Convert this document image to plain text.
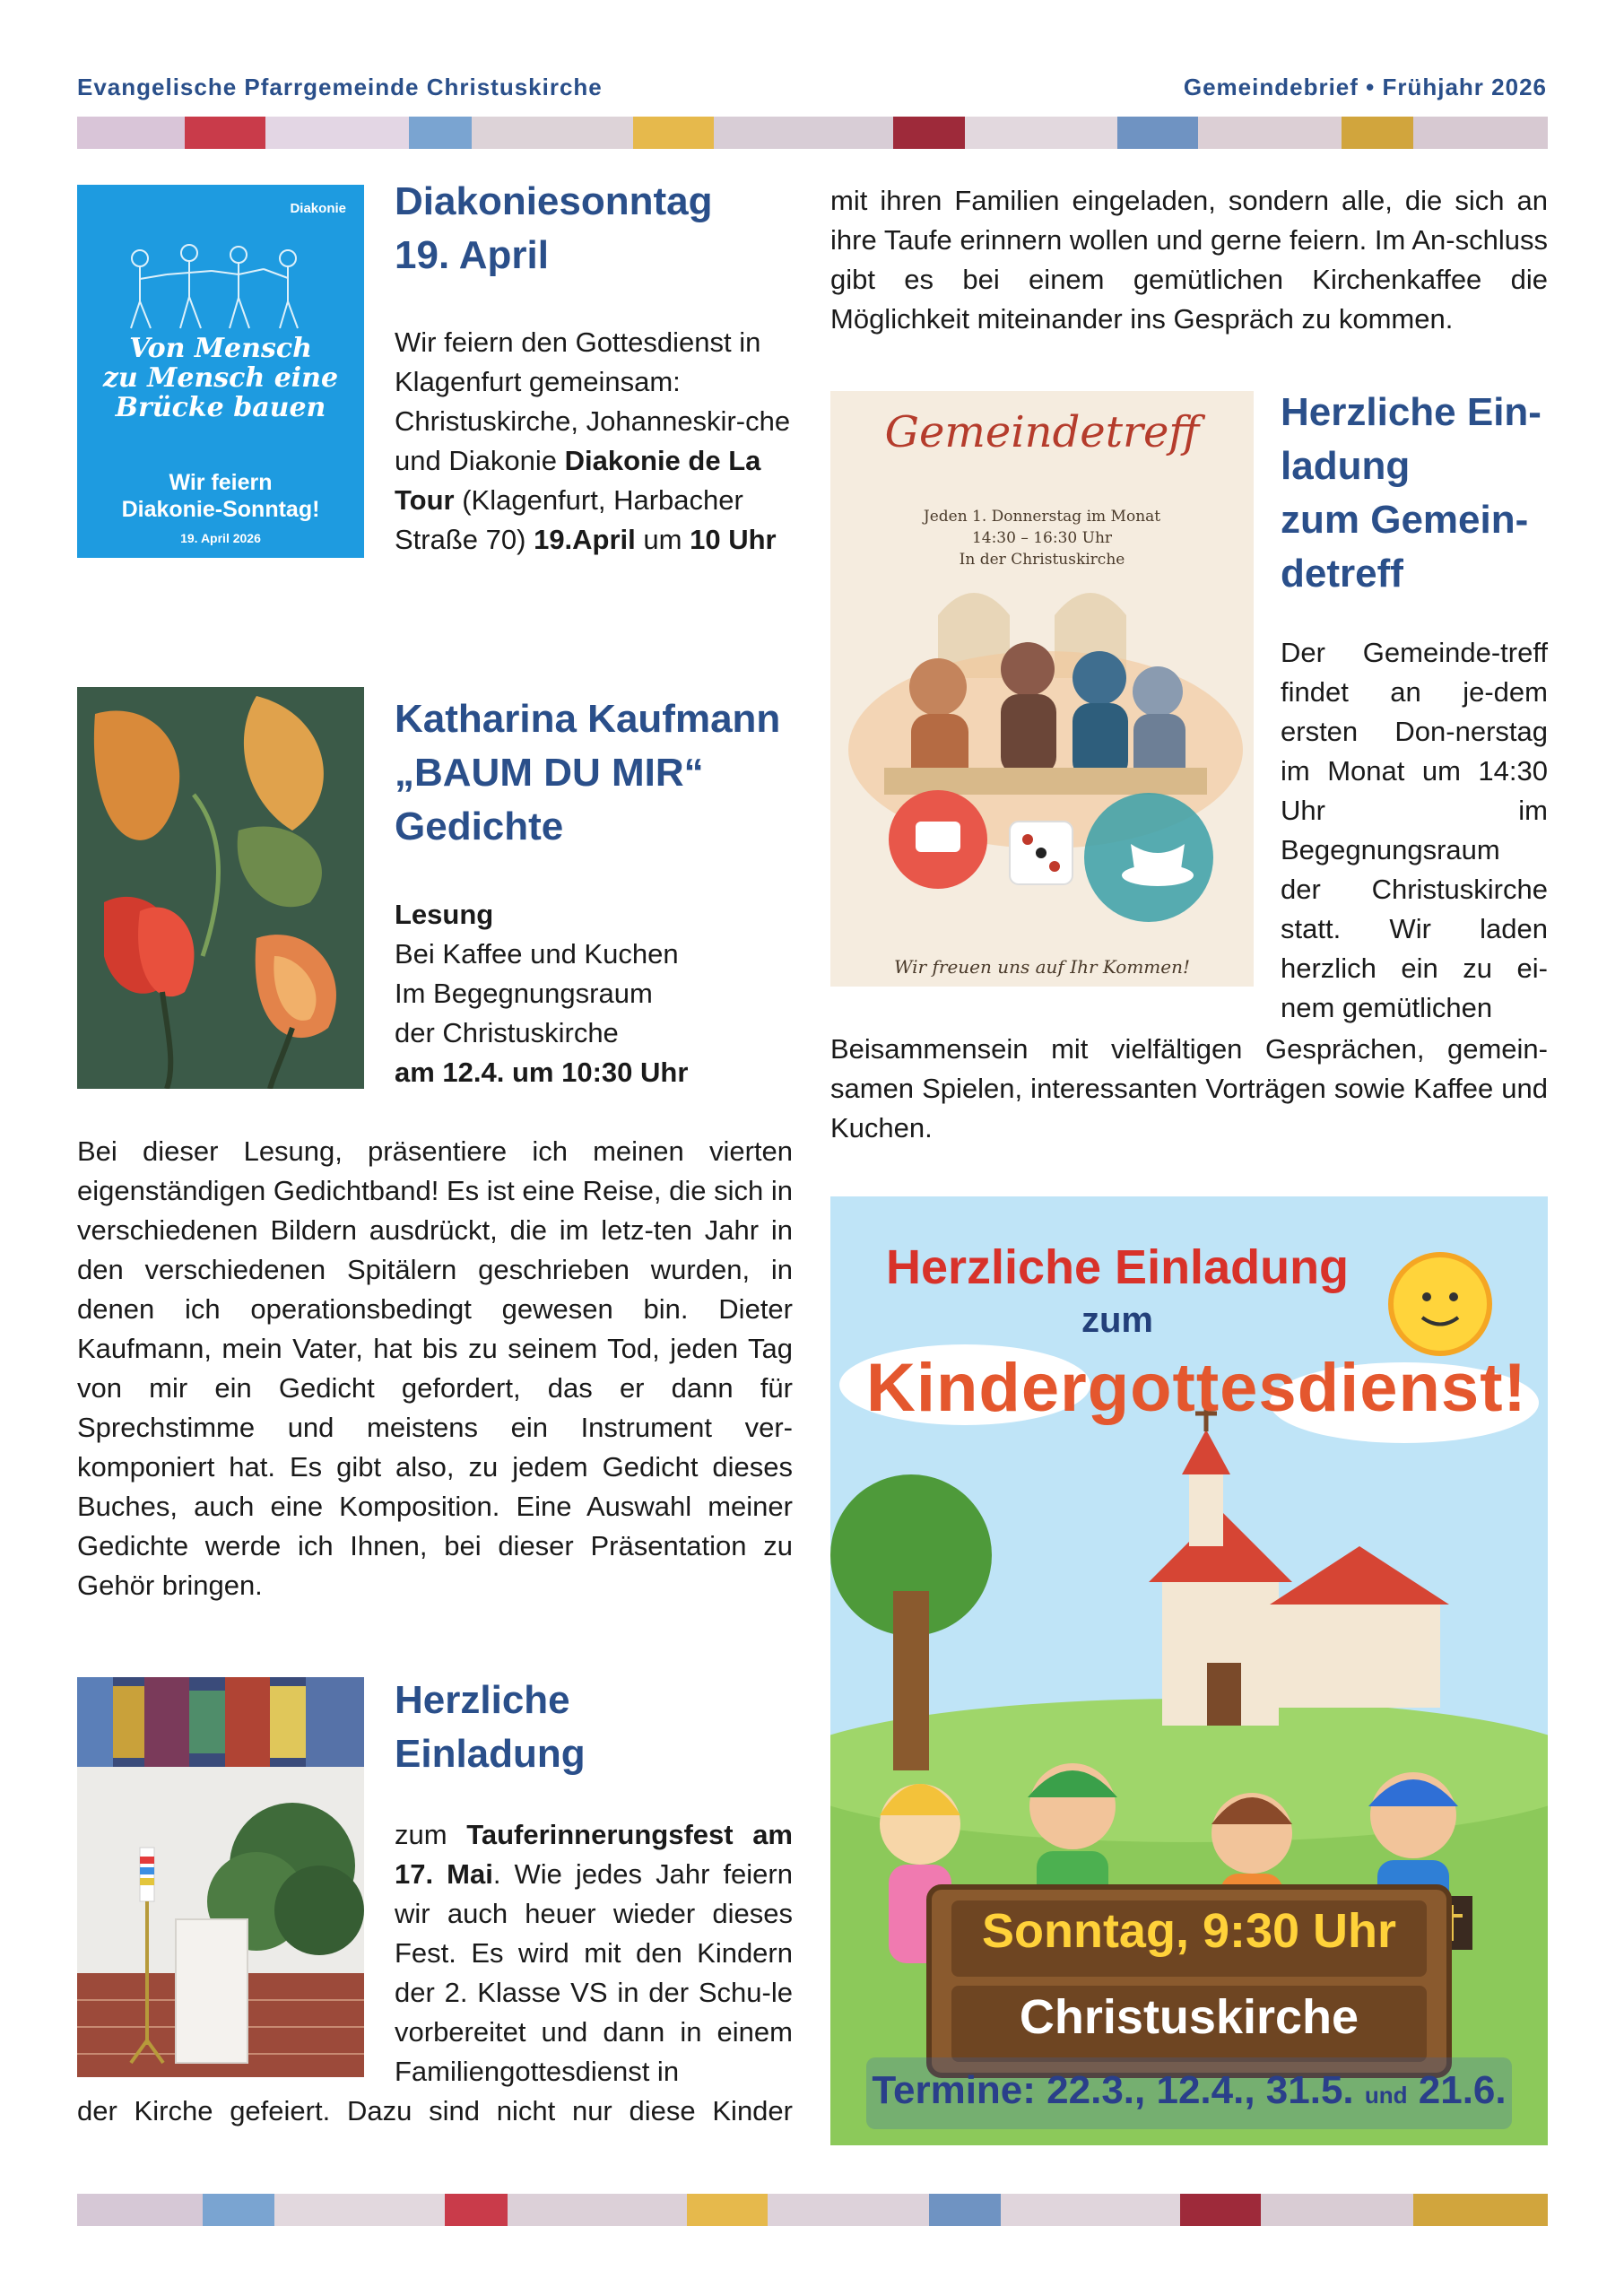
Evangelische Pfarrgemeinde Christuskirche	Gemeindebrief • Frühjahr 2026
Diakonie
Von Mensch
zu Mensch eine
Brücke bauen
Wir feiern
Diakonie-Sonntag!
19. April 2026
Diakoniesonntag
19. April
Wir feiern den Gottesdienst in Klagenfurt gemeinsam: Christuskirche, Johanneskir-che und Diakonie Diakonie de La Tour (Klagenfurt, Harbacher Straße 70) 19.April um 10 Uhr
Katharina Kaufmann
„BAUM DU MIR“
Gedichte
Lesung
Bei Kaffee und Kuchen
Im Begegnungsraum
der Christuskirche
am 12.4. um 10:30 Uhr
Bei dieser Lesung, präsentiere ich meinen vierten eigenständigen Gedichtband! Es ist eine Reise, die sich in verschiedenen Bildern ausdrückt, die im letz-ten Jahr in den verschiedenen Spitälern geschrieben wurden, in denen ich operationsbedingt gewesen bin. Dieter Kaufmann, mein Vater, hat bis zu seinem Tod, jeden Tag von mir ein Gedicht gefordert, das er dann für Sprechstimme und meistens ein Instrument ver-komponiert hat. Es gibt also, zu jedem Gedicht dieses Buches, auch eine Komposition. Eine Auswahl meiner Gedichte werde ich Ihnen, bei dieser Präsentation zu Gehör bringen.
Herzliche
Einladung
zum Tauferinnerungsfest am 17. Mai. Wie jedes Jahr feiern wir auch heuer wieder dieses Fest. Es wird mit den Kindern der 2. Klasse VS in der Schu-le vorbereitet und dann in einem Familiengottesdienst in
der Kirche gefeiert. Dazu sind nicht nur diese Kinder
mit ihren Familien eingeladen, sondern alle, die sich an ihre Taufe erinnern wollen und gerne feiern. Im An-schluss gibt es bei einem gemütlichen Kirchenkaffee die Möglichkeit miteinander ins Gespräch zu kommen.
Gemeindetreff
Jeden 1. Donnerstag im Monat
14:30 – 16:30 Uhr
In der Christuskirche
Wir freuen uns auf Ihr Kommen!
Herzliche Ein-
ladung
zum Gemein-
detreff
Der Gemeinde-treff findet an je-dem ersten Don-nerstag im Monat um 14:30 Uhr im Begegnungsraum der Christuskirche statt. Wir laden herzlich ein zu ei-nem gemütlichen
Beisammensein mit vielfältigen Gesprächen, gemein-samen Spielen, interessanten Vorträgen sowie Kaffee und Kuchen.
Herzliche Einladung
zum
Kindergottesdienst!
Sonntag, 9:30 Uhr
Christuskirche
Termine: 22.3., 12.4., 31.5. und 21.6.
